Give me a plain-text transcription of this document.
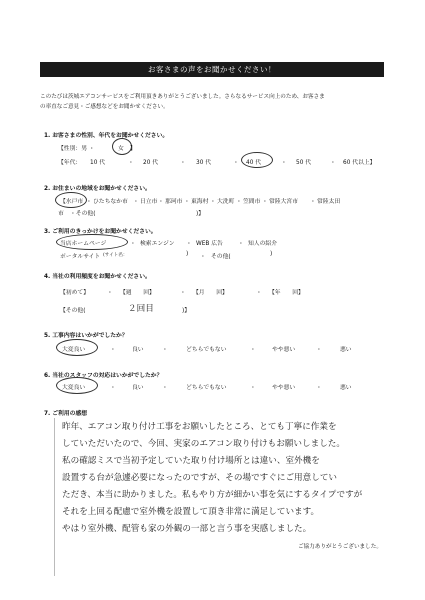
お客さまの声をお聞かせください！
このたびは茨城エアコンサービスをご利用頂きありがとうございました。さらなるサービス向上のため、お客さま
の率直なご意見・ご感想などをお聞かせください。
1. お客さまの性別、年代をお聞かせください。
【性別：男 ・	女 】
【年代： 10 代	・ 20 代	・ 30 代	・ 40 代	・ 50 代	・ 60 代以上】
2. お住まいの地域をお聞かせください。
【水戸市 ・ ひたちなか市 ・ 日立市 ・ 那珂市 ・ 東海村 ・ 大洗町 ・ 笠間市 ・ 常陸大宮市 ・ 常陸太田
市 ・その他(	)】
3. ご利用のきっかけをお聞かせください。
当店ホームページ	・ 検索エンジン ・ WEB 広告	・ 知人の紹介
ポータルサイト (サイト名：	) ・ その他(	)
4. 当社の利用頻度をお聞かせください。
【初めて】	・ 【週　　回】	・ 【月　　回】	・ 【年　　回】
【その他(	２回目	)】
5. 工事内容はいかがでしたか？
大変良い	・	良い	・	どちらでもない	・	やや悪い	・	悪い
6. 当社のスタッフの対応はいかがでしたか？
大変良い	・	良い	・	どちらでもない	・	やや悪い	・	悪い
7. ご利用の感想
昨年、エアコン取り付け工事をお願いしたところ、とても丁寧に作業を
していただいたので、今回、実家のエアコン取り付けもお願いしました。
私の確認ミスで当初予定していた取り付け場所とは違い、室外機を
設置する台が急遽必要になったのですが、その場ですぐにご用意してい
ただき、本当に助かりました。私もやり方が細かい事を気にするタイプですが
それを上回る配慮で室外機を設置して頂き非常に満足しています。
やはり室外機、配管も家の外観の一部と言う事を実感しました。
ご協力ありがとうございました。
